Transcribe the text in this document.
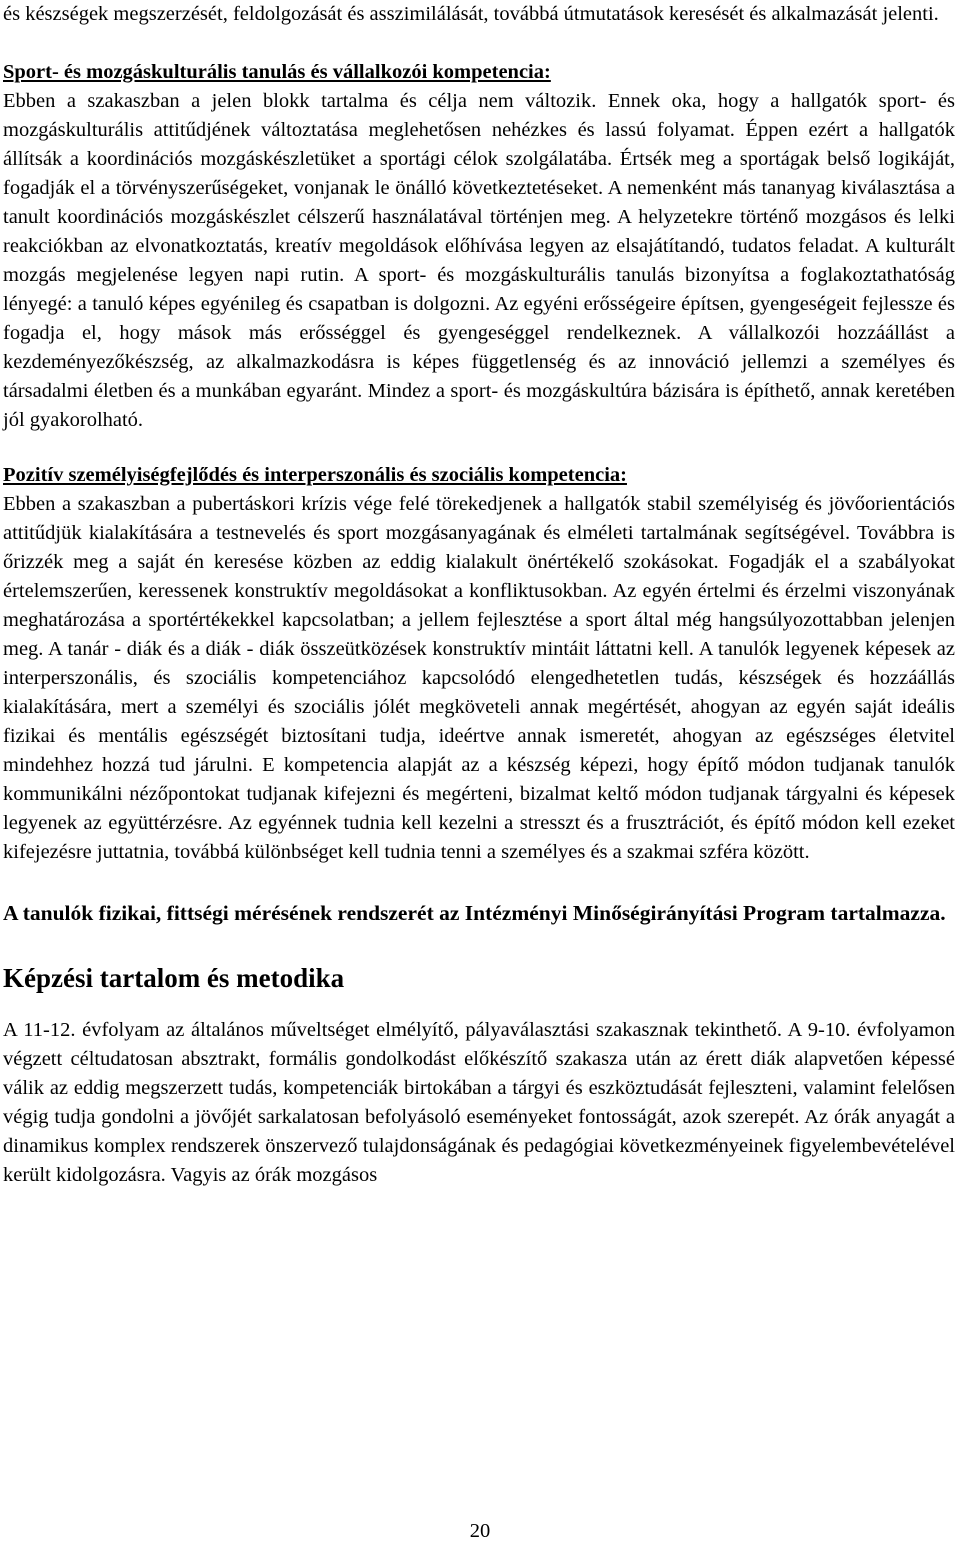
és készségek megszerzését, feldolgozását és asszimilálását, továbbá útmutatások keresését és alkalmazását jelenti.

Sport- és mozgáskulturális tanulás és vállalkozói kompetencia:

Ebben a szakaszban a jelen blokk tartalma és célja nem változik. Ennek oka, hogy a hallgatók sport- és mozgáskulturális attitűdjének változtatása meglehetősen nehézkes és lassú folyamat. Éppen ezért a hallgatók állítsák a koordinációs mozgáskészletüket a sportági célok szolgálatába. Értsék meg a sportágak belső logikáját, fogadják el a törvényszerűségeket, vonjanak le önálló következtetéseket. A nemenként más tananyag kiválasztása a tanult koordinációs mozgáskészlet célszerű használatával történjen meg. A helyzetekre történő mozgásos és lelki reakciókban az elvonatkoztatás, kreatív megoldások előhívása legyen az elsajátítandó, tudatos feladat. A kulturált mozgás megjelenése legyen napi rutin. A sport- és mozgáskulturális tanulás bizonyítsa a foglakoztathatóság lényegé: a tanuló képes egyénileg és csapatban is dolgozni. Az egyéni erősségeire építsen, gyengeségeit fejlessze és fogadja el, hogy mások más erősséggel és gyengeséggel rendelkeznek. A vállalkozói hozzáállást a kezdeményezőkészség, az alkalmazkodásra is képes függetlenség és az innováció jellemzi a személyes és társadalmi életben és a munkában egyaránt. Mindez a sport- és mozgáskultúra bázisára is építhető, annak keretében jól gyakorolható.

Pozitív személyiségfejlődés és interperszonális és szociális kompetencia:

Ebben a szakaszban a pubertáskori krízis vége felé törekedjenek a hallgatók stabil személyiség és jövőorientációs attitűdjük kialakítására a testnevelés és sport mozgásanyagának és elméleti tartalmának segítségével. Továbbra is őrizzék meg a saját én keresése közben az eddig kialakult önértékelő szokásokat. Fogadják el a szabályokat értelemszerűen, keressenek konstruktív megoldásokat a konfliktusokban. Az egyén értelmi és érzelmi viszonyának meghatározása a sportértékekkel kapcsolatban; a jellem fejlesztése a sport által még hangsúlyozottabban jelenjen meg. A tanár - diák és a diák - diák összeütközések konstruktív mintáit láttatni kell. A tanulók legyenek képesek az interperszonális, és szociális kompetenciához kapcsolódó elengedhetetlen tudás, készségek és hozzáállás kialakítására, mert a személyi és szociális jólét megköveteli annak megértését, ahogyan az egyén saját ideális fizikai és mentális egészségét biztosítani tudja, ideértve annak ismeretét, ahogyan az egészséges életvitel mindehhez hozzá tud járulni. E kompetencia alapját az a készség képezi, hogy építő módon tudjanak tanulók kommunikálni nézőpontokat tudjanak kifejezni és megérteni, bizalmat keltő módon tudjanak tárgyalni és képesek legyenek az együttérzésre. Az egyénnek tudnia kell kezelni a stresszt és a frusztrációt, és építő módon kell ezeket kifejezésre juttatnia, továbbá különbséget kell tudnia tenni a személyes és a szakmai szféra között.

A tanulók fizikai, fittségi mérésének rendszerét az Intézményi Minőségirányítási Program tartalmazza.

Képzési tartalom és metodika

A 11-12. évfolyam az általános műveltséget elmélyítő, pályaválasztási szakasznak tekinthető. A 9-10. évfolyamon végzett céltudatosan absztrakt, formális gondolkodást előkészítő szakasza után az érett diák alapvetően képessé válik az eddig megszerzett tudás, kompetenciák birtokában a tárgyi és eszköztudását fejleszteni, valamint felelősen végig tudja gondolni a jövőjét sarkalatosan befolyásoló eseményeket fontosságát, azok szerepét. Az órák anyagát a dinamikus komplex rendszerek önszervező tulajdonságának és pedagógiai következményeinek figyelembevételével került kidolgozásra. Vagyis az órák mozgásos

20
